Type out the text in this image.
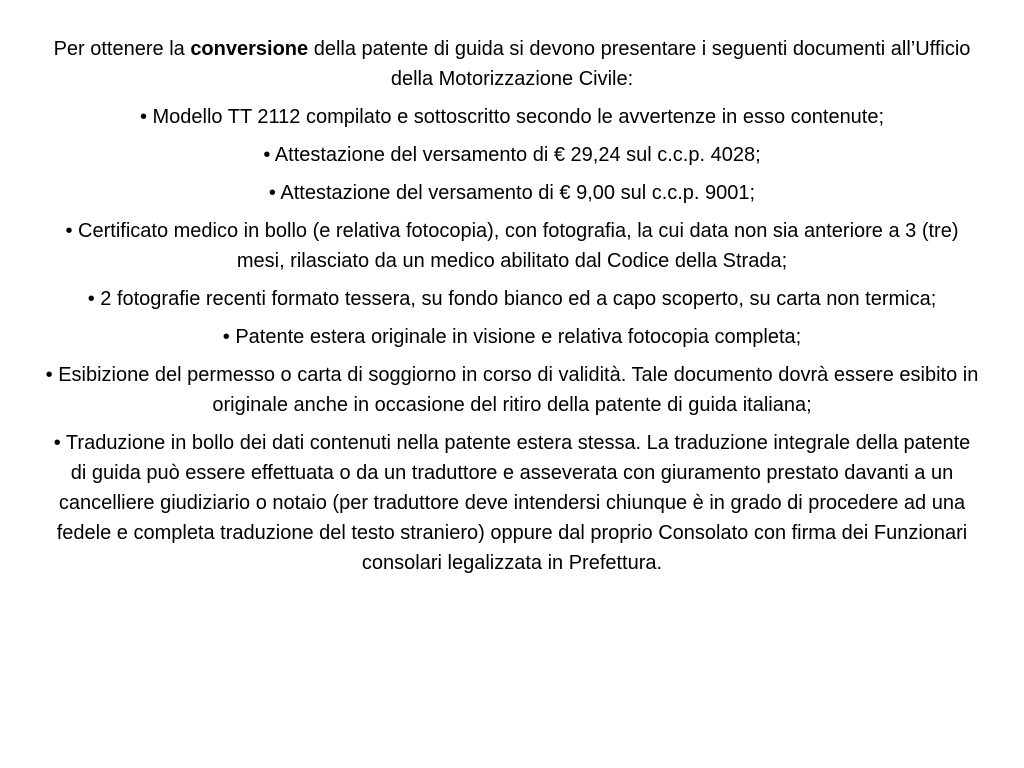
Per ottenere la conversione della patente di guida si devono presentare i seguenti documenti all’Ufficio della Motorizzazione Civile:

• Modello TT 2112 compilato e sottoscritto secondo le avvertenze in esso contenute;

• Attestazione del versamento di € 29,24 sul c.c.p. 4028;

• Attestazione del versamento di € 9,00 sul c.c.p. 9001;

• Certificato medico in bollo (e relativa fotocopia), con fotografia, la cui data non sia anteriore a 3 (tre) mesi, rilasciato da un medico abilitato dal Codice della Strada;

• 2 fotografie recenti formato tessera, su fondo bianco ed a capo scoperto, su carta non termica;

• Patente estera originale in visione e relativa fotocopia completa;

• Esibizione del permesso o carta di soggiorno in corso di validità. Tale documento dovrà essere esibito in originale anche in occasione del ritiro della patente di guida italiana;

• Traduzione in bollo dei dati contenuti nella patente estera stessa. La traduzione integrale della patente di guida può essere effettuata o da un traduttore e asseverata con giuramento prestato davanti a un cancelliere giudiziario o notaio (per traduttore deve intendersi chiunque è in grado di procedere ad una fedele e completa traduzione del testo straniero) oppure dal proprio Consolato con firma dei Funzionari consolari legalizzata in Prefettura.
